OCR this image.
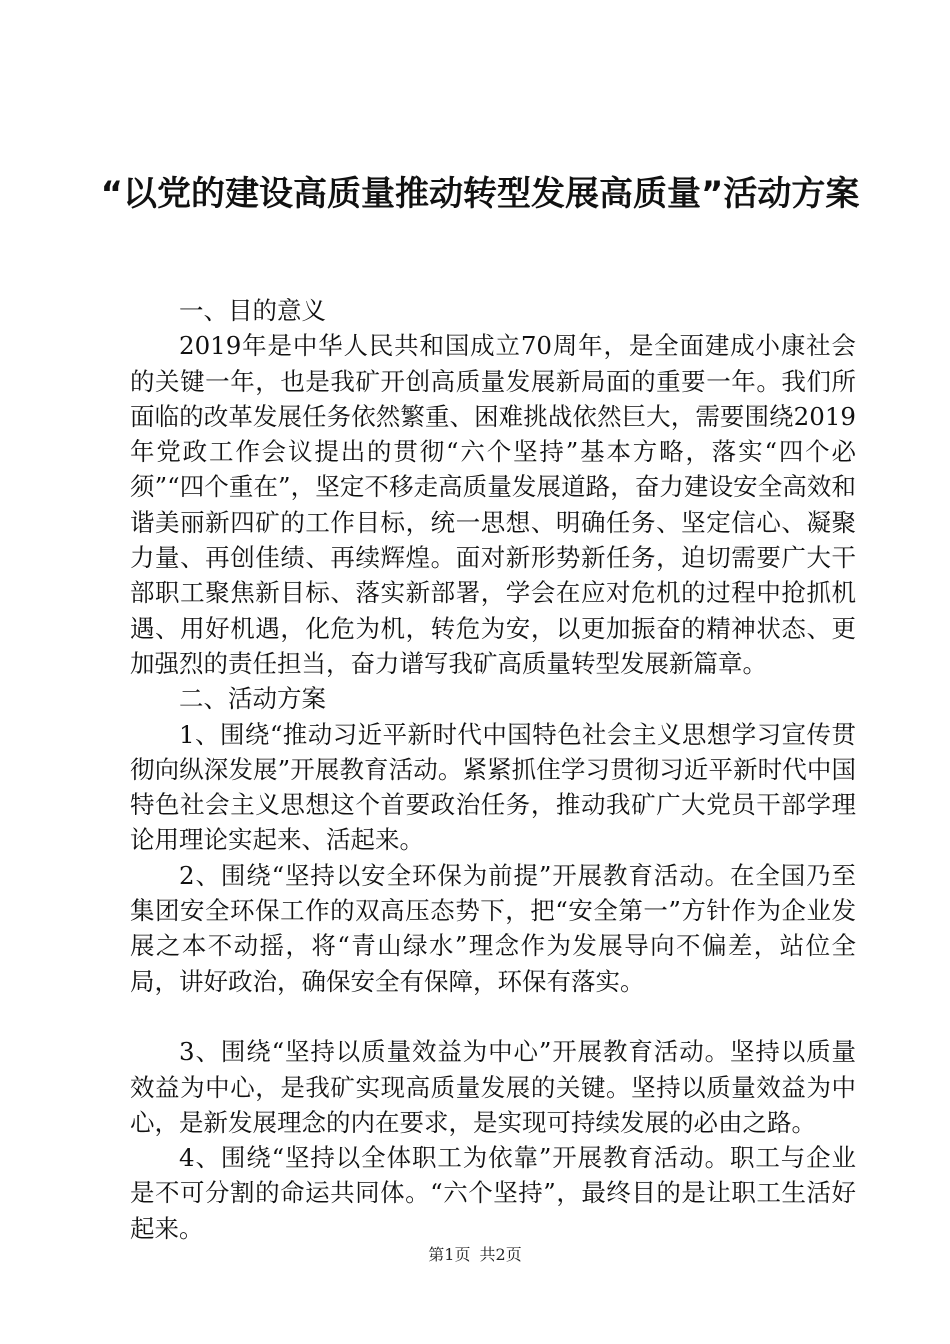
“以党的建设高质量推动转型发展高质量”活动方案

一、目的意义

2019年是中华人民共和国成立70周年，是全面建成小康社会的关键一年，也是我矿开创高质量发展新局面的重要一年。我们所面临的改革发展任务依然繁重、困难挑战依然巨大，需要围绕2019年党政工作会议提出的贯彻“六个坚持”基本方略，落实“四个必须”“四个重在”，坚定不移走高质量发展道路，奋力建设安全高效和谐美丽新四矿的工作目标，统一思想、明确任务、坚定信心、凝聚力量、再创佳绩、再续辉煌。面对新形势新任务，迫切需要广大干部职工聚焦新目标、落实新部署，学会在应对危机的过程中抢抓机遇、用好机遇，化危为机，转危为安，以更加振奋的精神状态、更加强烈的责任担当，奋力谱写我矿高质量转型发展新篇章。

二、活动方案

1、围绕“推动习近平新时代中国特色社会主义思想学习宣传贯彻向纵深发展”开展教育活动。紧紧抓住学习贯彻习近平新时代中国特色社会主义思想这个首要政治任务，推动我矿广大党员干部学理论用理论实起来、活起来。

2、围绕“坚持以安全环保为前提”开展教育活动。在全国乃至集团安全环保工作的双高压态势下，把“安全第一”方针作为企业发展之本不动摇，将“青山绿水”理念作为发展导向不偏差，站位全局，讲好政治，确保安全有保障，环保有落实。

3、围绕“坚持以质量效益为中心”开展教育活动。坚持以质量效益为中心，是我矿实现高质量发展的关键。坚持以质量效益为中心，是新发展理念的内在要求，是实现可持续发展的必由之路。

4、围绕“坚持以全体职工为依靠”开展教育活动。职工与企业是不可分割的命运共同体。“六个坚持”，最终目的是让职工生活好起来。

第1页 共2页
